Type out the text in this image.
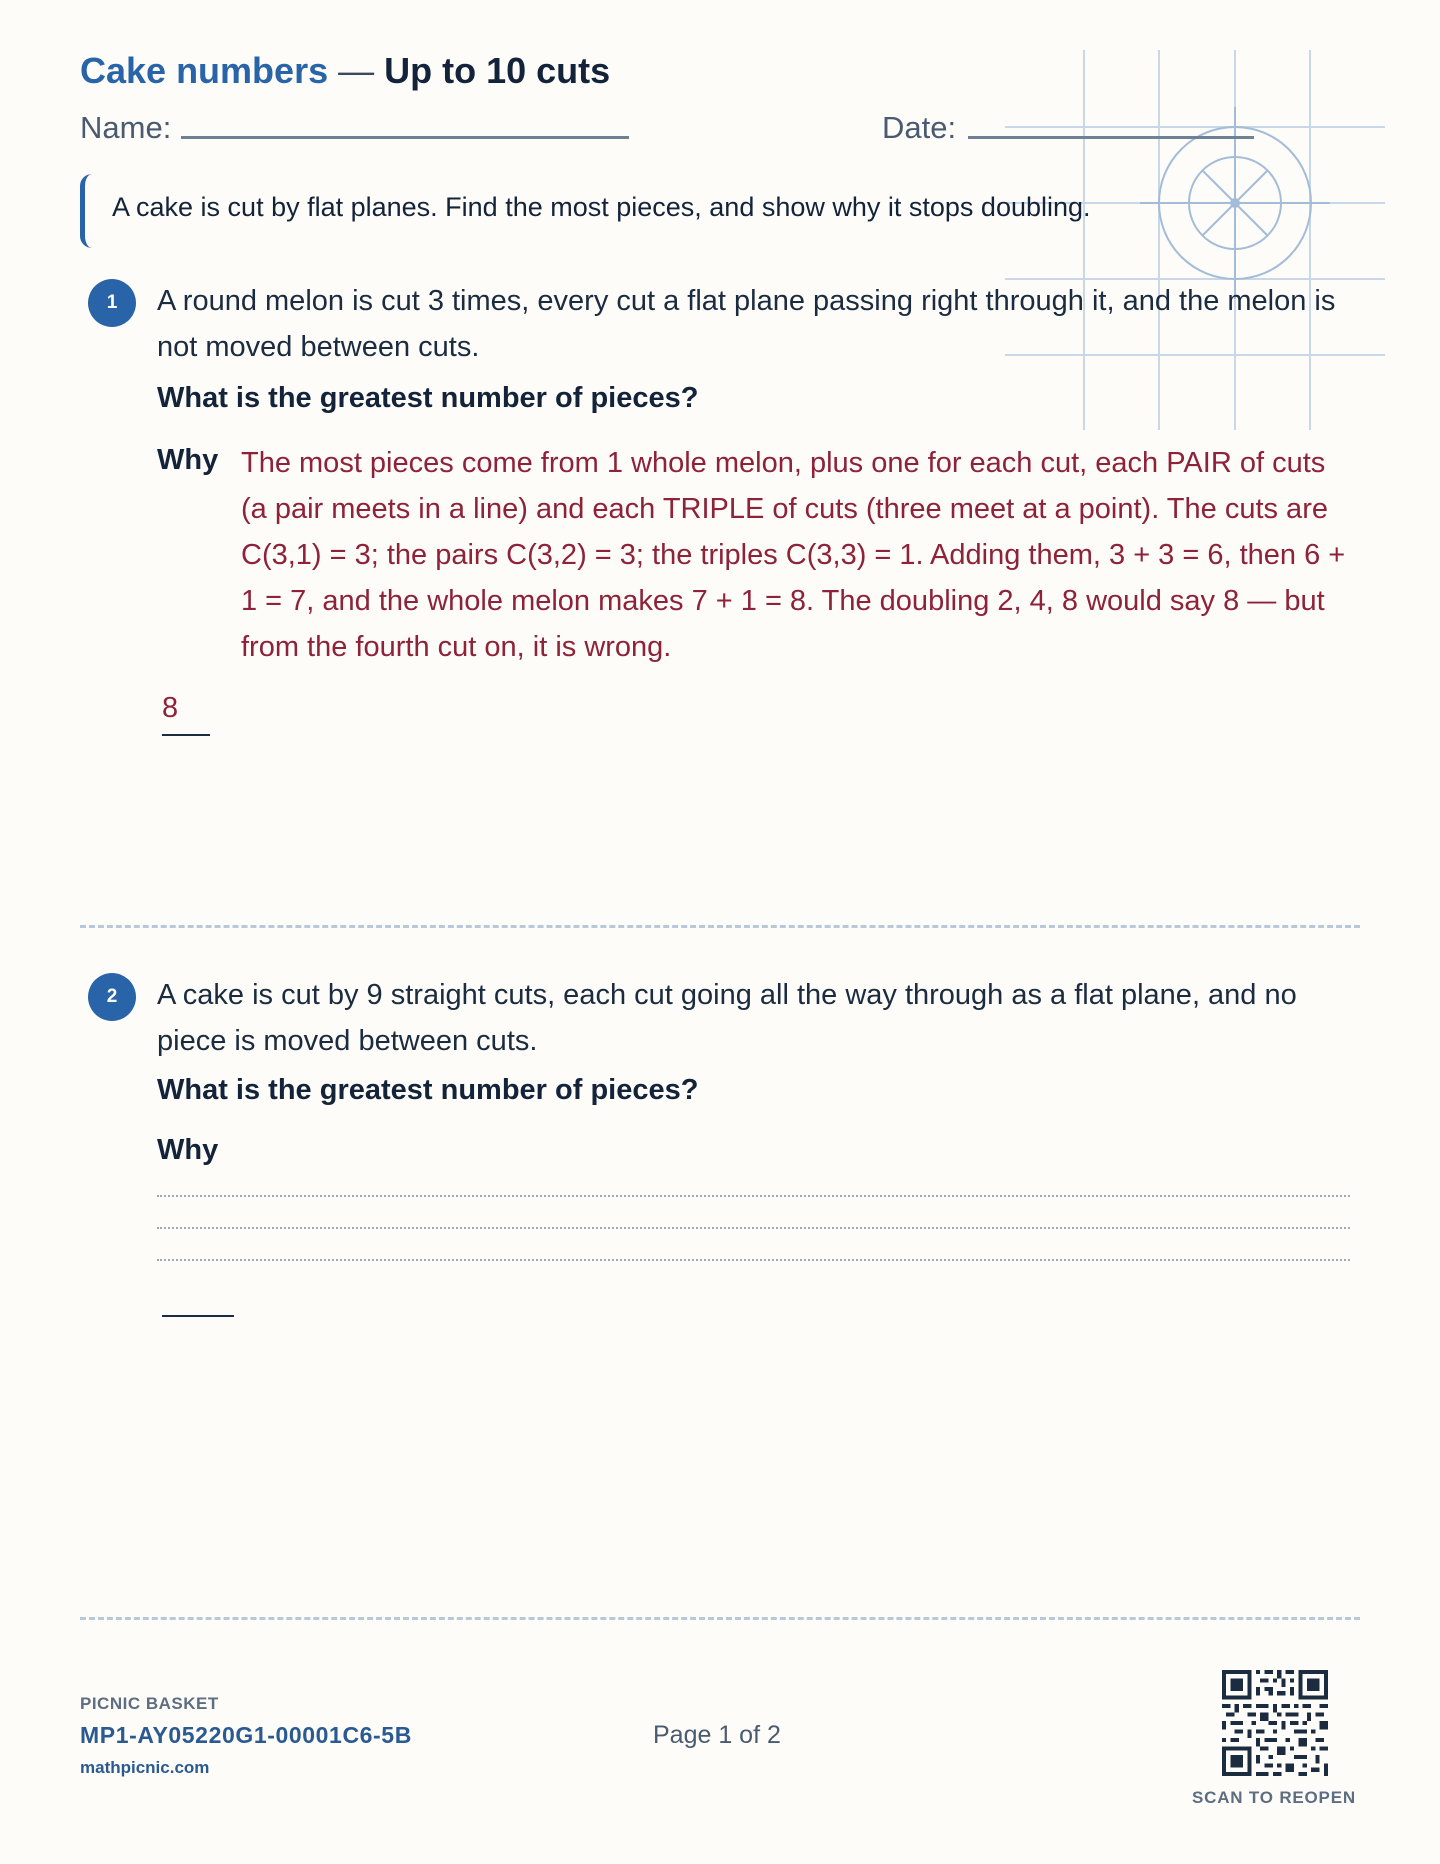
Cake numbers — Up to 10 cuts
Name:	Date:
A cake is cut by flat planes. Find the most pieces, and show why it stops doubling.
1	A round melon is cut 3 times, every cut a flat plane passing right through it, and the melon is not moved between cuts.
What is the greatest number of pieces?
Why The most pieces come from 1 whole melon, plus one for each cut, each PAIR of cuts (a pair meets in a line) and each TRIPLE of cuts (three meet at a point). The cuts are C(3,1) = 3; the pairs C(3,2) = 3; the triples C(3,3) = 1. Adding them, 3 + 3 = 6, then 6 + 1 = 7, and the whole melon makes 7 + 1 = 8. The doubling 2, 4, 8 would say 8 — but from the fourth cut on, it is wrong.
8
2	A cake is cut by 9 straight cuts, each cut going all the way through as a flat plane, and no piece is moved between cuts.
What is the greatest number of pieces?
Why
PICNIC BASKET
MP1-AY05220G1-00001C6-5B
mathpicnic.com
Page 1 of 2
SCAN TO REOPEN
